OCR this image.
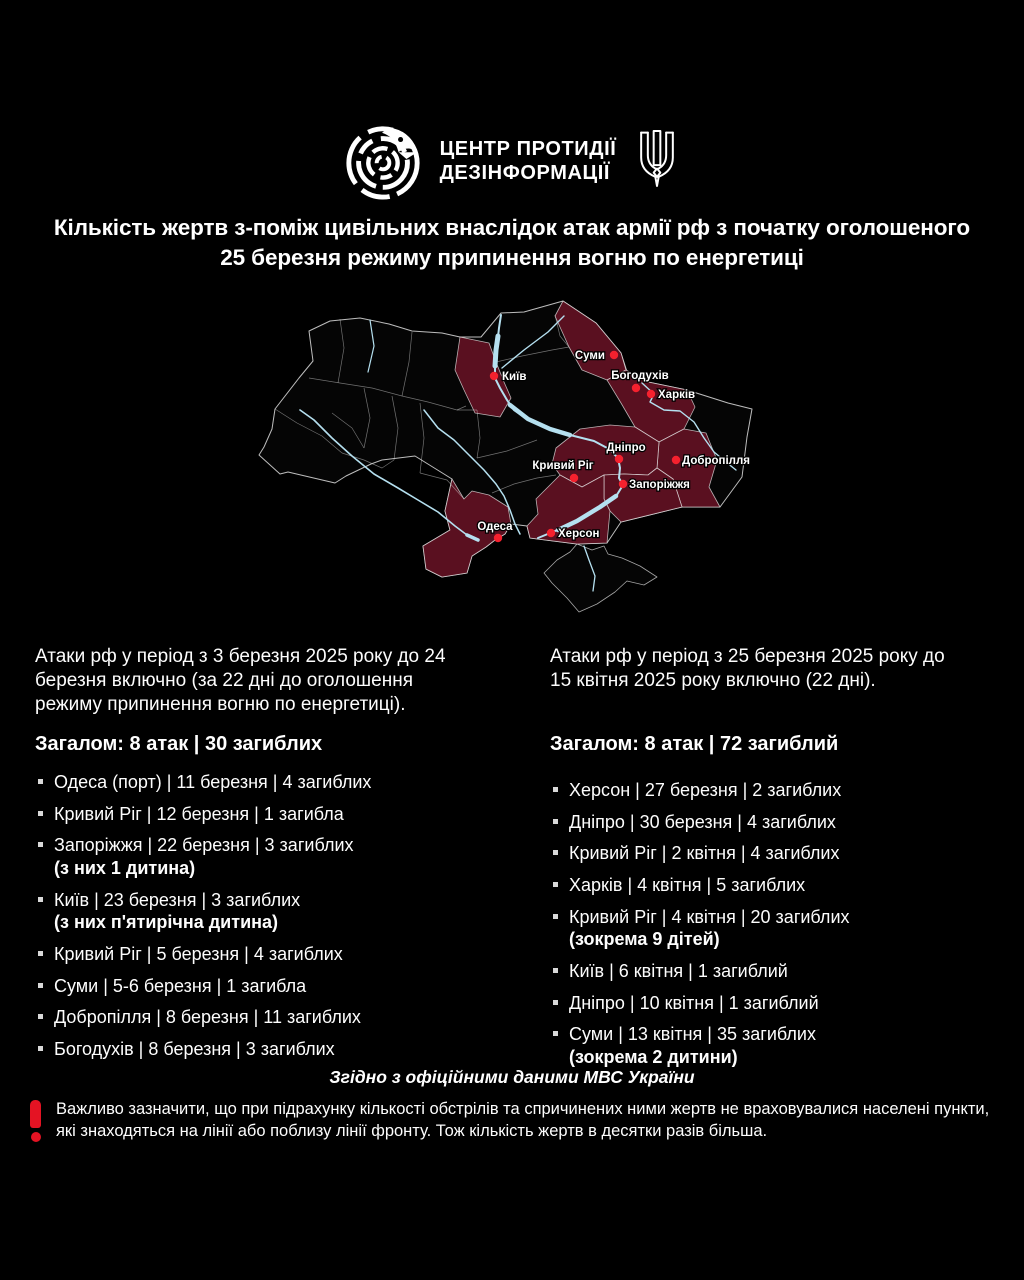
ЦЕНТР ПРОТИДІЇ
ДЕЗІНФОРМАЦІЇ
Кількість жертв з-поміж цивільних внаслідок атак армії рф з початку оголошеного
25 березня режиму припинення вогню по енергетиці
Київ
Суми
Богодухів
Харків
Дніпро
Добропілля
Кривий Ріг
Запоріжжя
Одеса
Херсон

Атаки рф у період з 3 березня 2025 року до 24 березня включно (за 22 дні до оголошення режиму припинення вогню по енергетиці).

Загалом: 8 атак | 30 загиблих

Одеса (порт) | 11 березня | 4 загиблих
Кривий Ріг | 12 березня | 1 загибла
Запоріжжя | 22 березня | 3 загиблих
(з них 1 дитина)
Київ | 23 березня | 3 загиблих
(з них п'ятирічна дитина)
Кривий Ріг | 5 березня | 4 загиблих
Суми | 5-6 березня | 1 загибла
Добропілля | 8 березня | 11 загиблих
Богодухів | 8 березня | 3 загиблих

Атаки рф у період з 25 березня 2025 року до 15 квітня 2025 року включно (22 дні).

Загалом: 8 атак | 72 загиблий

Херсон | 27 березня | 2 загиблих
Дніпро | 30 березня | 4 загиблих
Кривий Ріг | 2 квітня | 4 загиблих
Харків | 4 квітня | 5 загиблих
Кривий Ріг | 4 квітня | 20 загиблих
(зокрема 9 дітей)
Київ | 6 квітня | 1 загиблий
Дніпро | 10 квітня | 1 загиблий
Суми | 13 квітня | 35 загиблих
(зокрема 2 дитини)
Згідно з офіційними даними МВС України

Важливо зазначити, що при підрахунку кількості обстрілів та спричинених ними жертв не враховувалися населені пункти, які знаходяться на лінії або поблизу лінії фронту. Тож кількість жертв в десятки разів більша.
